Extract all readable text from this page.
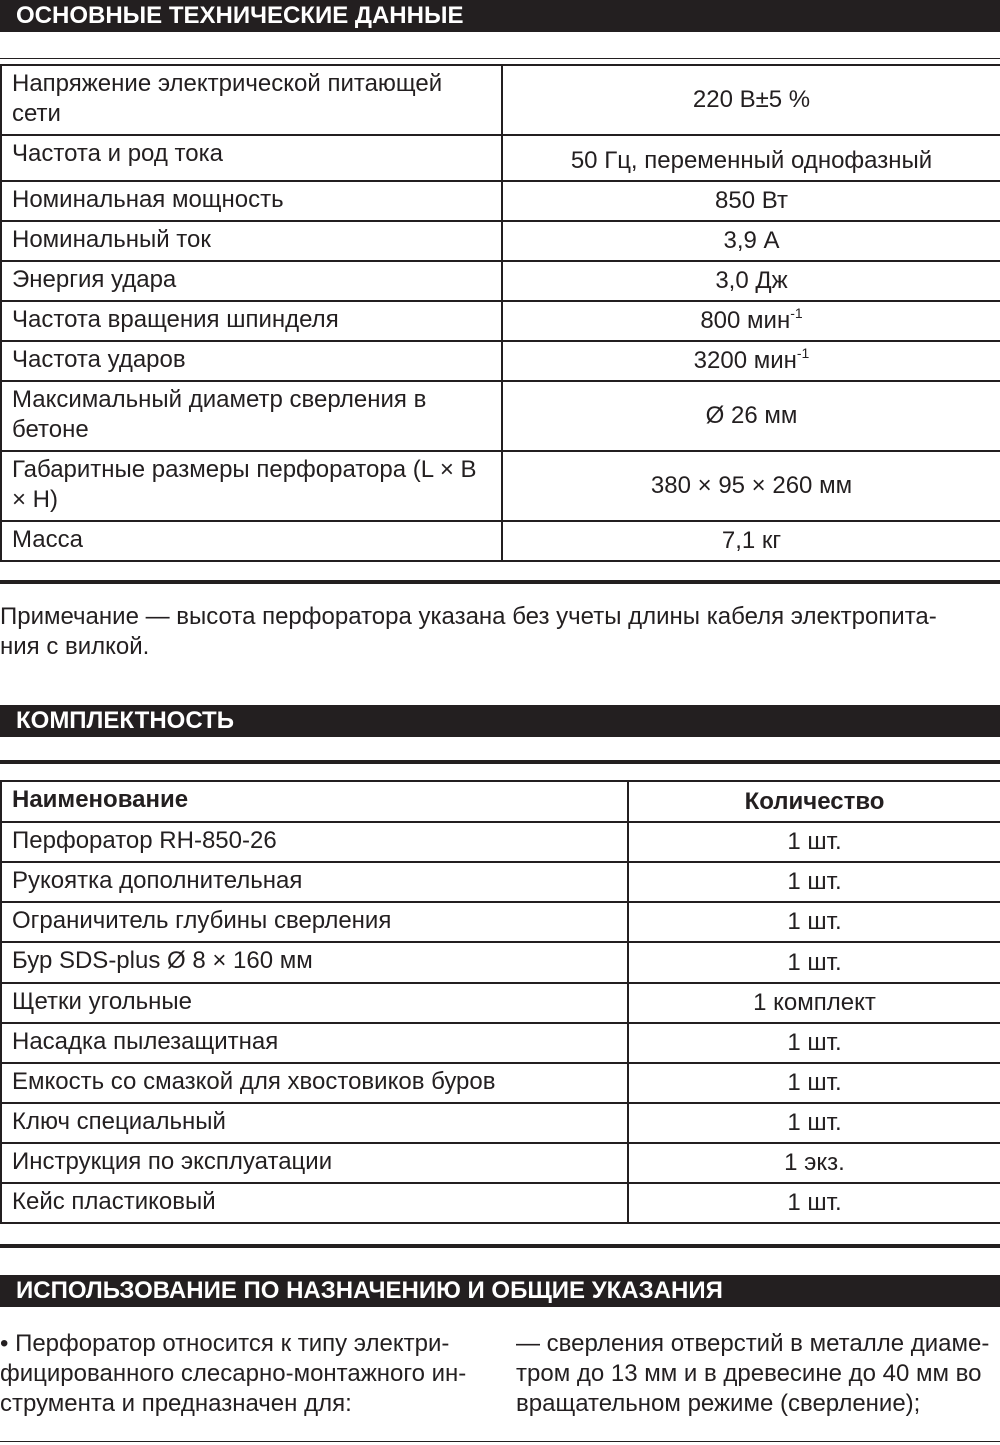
ОСНОВНЫЕ ТЕХНИЧЕСКИЕ ДАННЫЕ
Напряжение электрической питающей сети	220 В±5 %
Частота и род тока	50 Гц, переменный однофазный
Номинальная мощность	850 Вт
Номинальный ток	3,9 А
Энергия удара	3,0 Дж
Частота вращения шпинделя	800 мин$^{-1}$
Частота ударов	3200 мин$^{-1}$
Максимальный диаметр сверления в бетоне	Ø 26 мм
Габаритные размеры перфоратора (L × B × H)	380 × 95 × 260 мм
Масса	7,1 кг
Примечание — высота перфоратора указана без учеты длины кабеля электропита-
ния с вилкой.
КОМПЛЕКТНОСТЬ
Наименование	Количество
Перфоратор RH-850-26	1 шт.
Рукоятка дополнительная	1 шт.
Ограничитель глубины сверления	1 шт.
Бур SDS-plus Ø 8 × 160 мм	1 шт.
Щетки угольные	1 комплект
Насадка пылезащитная	1 шт.
Емкость со смазкой для хвостовиков буров	1 шт.
Ключ специальный	1 шт.
Инструкция по эксплуатации	1 экз.
Кейс пластиковый	1 шт.
ИСПОЛЬЗОВАНИЕ ПО НАЗНАЧЕНИЮ И ОБЩИЕ УКАЗАНИЯ
• Перфоратор относится к типу электри-
фицированного слесарно-монтажного ин-
струмента и предназначен для:
— сверления отверстий в металле диаме-
тром до 13 мм и в древесине до 40 мм во
вращательном режиме (сверление);
